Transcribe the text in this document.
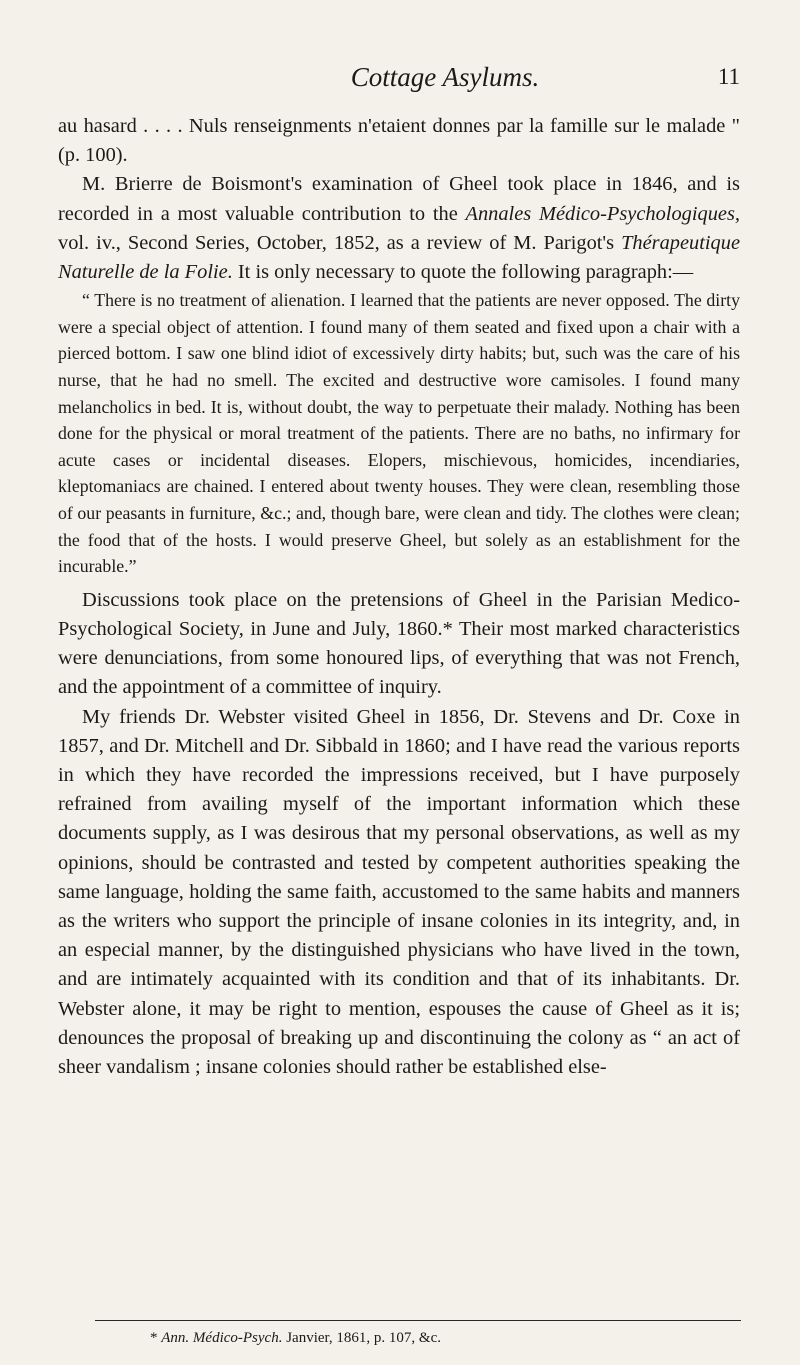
Cottage Asylums.	11

au hasard . . . . Nuls renseignments n'etaient donnes par la famille sur le malade " (p. 100).

M. Brierre de Boismont's examination of Gheel took place in 1846, and is recorded in a most valuable contribution to the Annales Médico-Psychologiques, vol. iv., Second Series, October, 1852, as a review of M. Parigot's Thérapeutique Naturelle de la Folie. It is only necessary to quote the following paragraph:—

“ There is no treatment of alienation. I learned that the patients are never opposed. The dirty were a special object of attention. I found many of them seated and fixed upon a chair with a pierced bottom. I saw one blind idiot of excessively dirty habits; but, such was the care of his nurse, that he had no smell. The excited and destructive wore camisoles. I found many melancholics in bed. It is, without doubt, the way to perpetuate their malady. Nothing has been done for the physical or moral treatment of the patients. There are no baths, no infirmary for acute cases or incidental diseases. Elopers, mischievous, homicides, incendiaries, kleptomaniacs are chained. I entered about twenty houses. They were clean, resembling those of our peasants in furniture, &c.; and, though bare, were clean and tidy. The clothes were clean; the food that of the hosts. I would preserve Gheel, but solely as an establishment for the incurable.”

Discussions took place on the pretensions of Gheel in the Parisian Medico-Psychological Society, in June and July, 1860.* Their most marked characteristics were denunciations, from some honoured lips, of everything that was not French, and the appointment of a committee of inquiry.

My friends Dr. Webster visited Gheel in 1856, Dr. Stevens and Dr. Coxe in 1857, and Dr. Mitchell and Dr. Sibbald in 1860; and I have read the various reports in which they have recorded the impressions received, but I have purposely refrained from availing myself of the important information which these documents supply, as I was desirous that my personal observations, as well as my opinions, should be contrasted and tested by competent authorities speaking the same language, holding the same faith, accustomed to the same habits and manners as the writers who support the principle of insane colonies in its integrity, and, in an especial manner, by the distinguished physicians who have lived in the town, and are intimately acquainted with its condition and that of its inhabitants. Dr. Webster alone, it may be right to mention, espouses the cause of Gheel as it is; denounces the proposal of breaking up and discontinuing the colony as “ an act of sheer vandalism ; insane colonies should rather be established else-

* Ann. Médico-Psych. Janvier, 1861, p. 107, &c.
